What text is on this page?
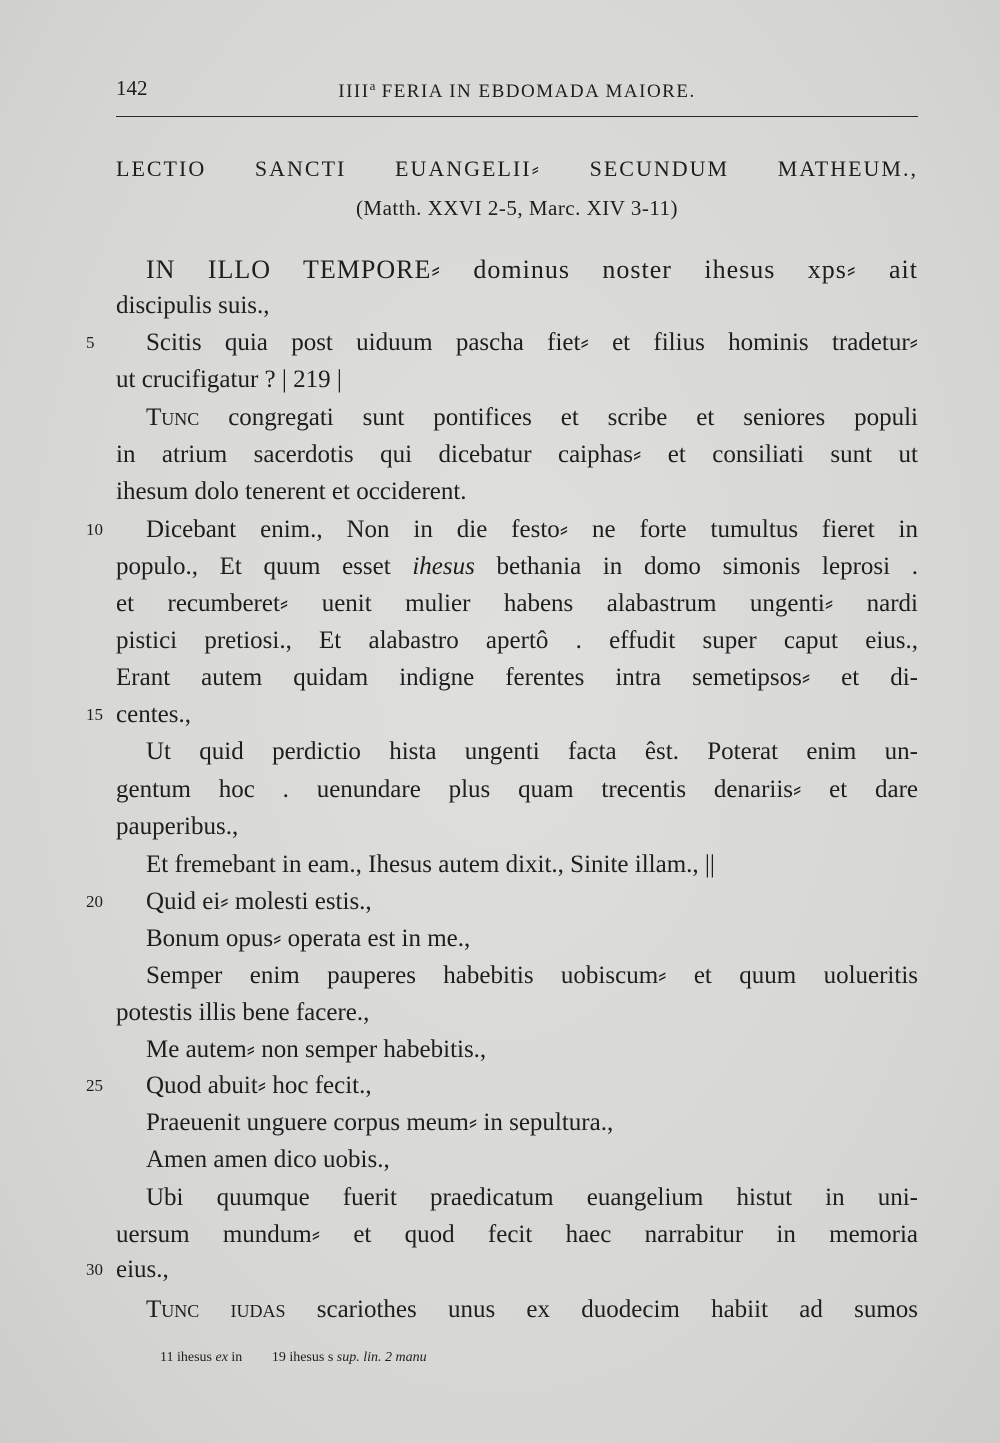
142	IIII$^a$ FERIA IN EBDOMADA MAIORE.
LECTIO SANCTI EUANGELII⸗ SECUNDUM MATHEUM.,
(Matth. XXVI 2-5, Marc. XIV 3-11)
IN ILLO TEMPORE⸗ dominus noster ihesus xps⸗ ait
discipulis suis.,
5	Scitis quia post uiduum pascha fiet⸗ et filius hominis tradetur⸗
ut crucifigatur ? | 219 |
Tunc congregati sunt pontifices et scribe et seniores populi
in atrium sacerdotis qui dicebatur caiphas⸗ et consiliati sunt ut
ihesum dolo tenerent et occiderent.
10	Dicebant enim., Non in die festo⸗ ne forte tumultus fieret in
populo., Et quum esset ihesus bethania in domo simonis leprosi .
et recumberet⸗ uenit mulier habens alabastrum ungenti⸗ nardi
pistici pretiosi., Et alabastro apertô . effudit super caput eius.,
Erant autem quidam indigne ferentes intra semetipsos⸗ et di-
15 centes.,
Ut quid perdictio hista ungenti facta êst. Poterat enim un-
gentum hoc . uenundare plus quam trecentis denariis⸗ et dare
pauperibus.,
Et fremebant in eam., Ihesus autem dixit., Sinite illam., ||
20	Quid ei⸗ molesti estis.,
Bonum opus⸗ operata est in me.,
Semper enim pauperes habebitis uobiscum⸗ et quum uolueritis
potestis illis bene facere.,
Me autem⸗ non semper habebitis.,
25	Quod abuit⸗ hoc fecit.,
Praeuenit unguere corpus meum⸗ in sepultura.,
Amen amen dico uobis.,
Ubi quumque fuerit praedicatum euangelium histut in uni-
uersum mundum⸗ et quod fecit haec narrabitur in memoria
30 eius.,
Tunc iudas scariothes unus ex duodecim habiit ad sumos
11 ihesus ex in 19 ihesus s sup. lin. 2 manu
